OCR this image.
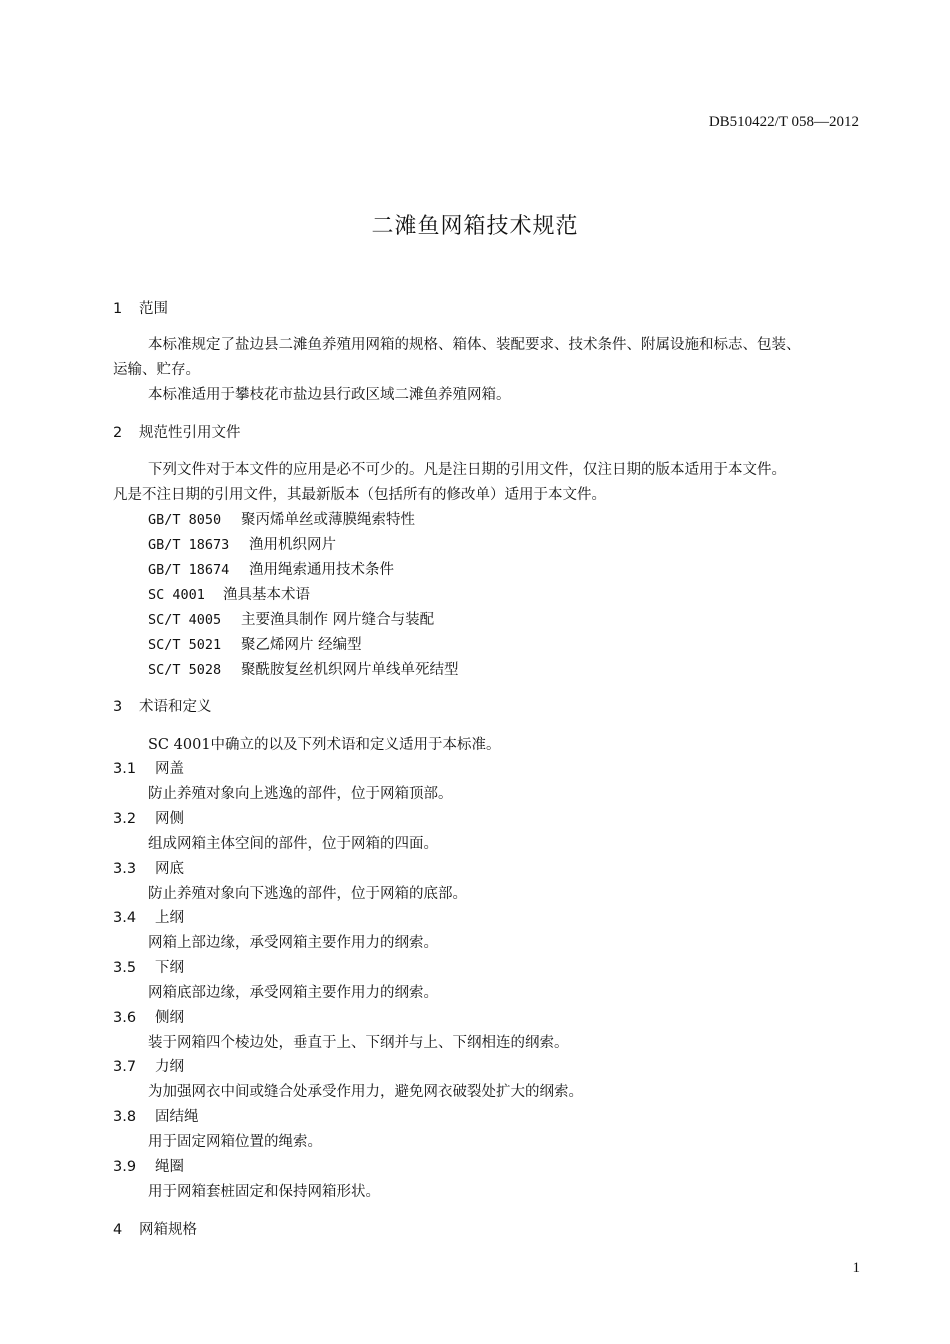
DB510422/T 058—2012
二滩鱼网箱技术规范
1 范围
本标准规定了盐边县二滩鱼养殖用网箱的规格、箱体、装配要求、技术条件、附属设施和标志、包装、
运输、贮存。
本标准适用于攀枝花市盐边县行政区域二滩鱼养殖网箱。
2 规范性引用文件
下列文件对于本文件的应用是必不可少的。凡是注日期的引用文件，仅注日期的版本适用于本文件。
凡是不注日期的引用文件，其最新版本（包括所有的修改单）适用于本文件。
GB/T 8050 聚丙烯单丝或薄膜绳索特性
GB/T 18673 渔用机织网片
GB/T 18674 渔用绳索通用技术条件
SC 4001 渔具基本术语
SC/T 4005 主要渔具制作 网片缝合与装配
SC/T 5021 聚乙烯网片 经编型
SC/T 5028 聚酰胺复丝机织网片单线单死结型
3 术语和定义
SC 4001中确立的以及下列术语和定义适用于本标准。
3.1 网盖
防止养殖对象向上逃逸的部件，位于网箱顶部。
3.2 网侧
组成网箱主体空间的部件，位于网箱的四面。
3.3 网底
防止养殖对象向下逃逸的部件，位于网箱的底部。
3.4 上纲
网箱上部边缘，承受网箱主要作用力的纲索。
3.5 下纲
网箱底部边缘，承受网箱主要作用力的纲索。
3.6 侧纲
装于网箱四个棱边处，垂直于上、下纲并与上、下纲相连的纲索。
3.7 力纲
为加强网衣中间或缝合处承受作用力，避免网衣破裂处扩大的纲索。
3.8 固结绳
用于固定网箱位置的绳索。
3.9 绳圈
用于网箱套桩固定和保持网箱形状。
4 网箱规格
1
